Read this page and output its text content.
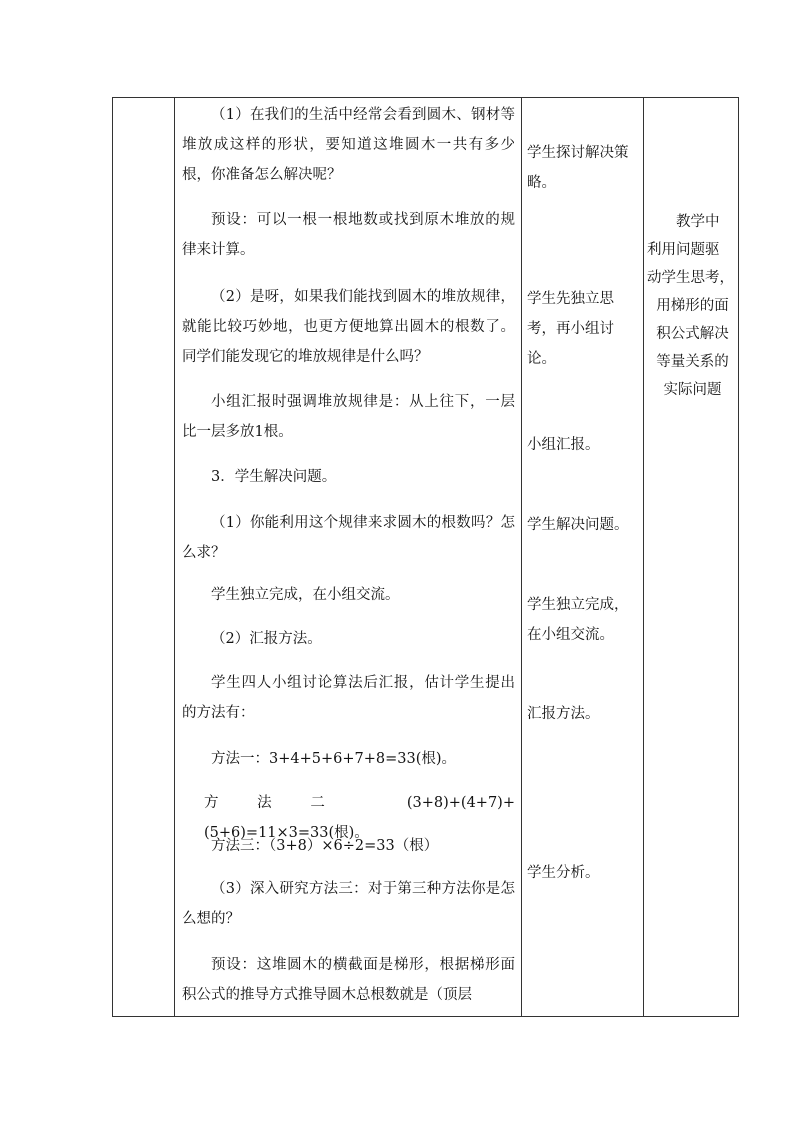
（1）在我们的生活中经常会看到圆木、钢材等堆放成这样的形状，要知道这堆圆木一共有多少根，你准备怎么解决呢？

预设：可以一根一根地数或找到原木堆放的规律来计算。

（2）是呀，如果我们能找到圆木的堆放规律，就能比较巧妙地，也更方便地算出圆木的根数了。同学们能发现它的堆放规律是什么吗？

小组汇报时强调堆放规律是：从上往下，一层比一层多放1根。

3．学生解决问题。

（1）你能利用这个规律来求圆木的根数吗？怎么求？

学生独立完成，在小组交流。

（2）汇报方法。

学生四人小组讨论算法后汇报，估计学生提出的方法有：

方法一：3+4+5+6+7+8=33(根)。

方法二 (3+8)+(4+7)+(5+6)=11×3=33(根)。

方法三：（3+8）×6÷2=33（根）

（3）深入研究方法三：对于第三种方法你是怎么想的？

预设：这堆圆木的横截面是梯形，根据梯形面积公式的推导方式推导圆木总根数就是（顶层

学生探讨解决策略。

学生先独立思考，再小组讨论。

小组汇报。

学生解决问题。

学生独立完成，在小组交流。

汇报方法。

学生分析。

教学中
利用问题驱
动学生思考，
用梯形的面
积公式解决
等量关系的
实际问题
